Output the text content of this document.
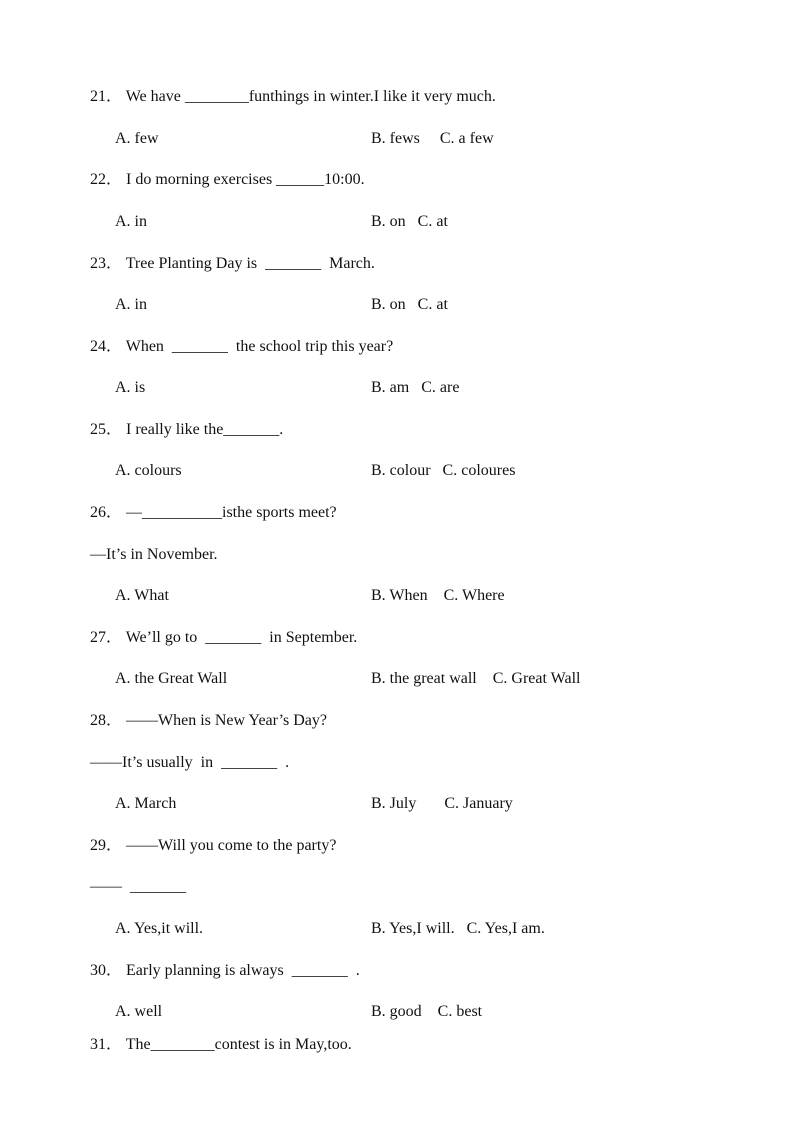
21． We have ________funthings in winter.I like it very much.
A. few	B. fews     C. a few
22． I do morning exercises ______10:00.
A. in	B. on   C. at
23． Tree Planting Day is  _______  March.
A. in	B. on   C. at
24． When  _______  the school trip this year?
A. is	B. am   C. are
25． I really like the_______.
A. colours	B. colour   C. coloures
26． —__________isthe sports meet?
—It’s in November.
A. What	B. When    C. Where
27． We’ll go to  _______  in September.
A. the Great Wall	B. the great wall    C. Great Wall
28． ——When is New Year’s Day?
——It’s usually  in  _______  .
A. March	B. July       C. January
29． ——Will you come to the party?
——  _______
A. Yes,it will.	B. Yes,I will.   C. Yes,I am.
30． Early planning is always  _______  .
A. well	B. good    C. best
31． The________contest is in May,too.
